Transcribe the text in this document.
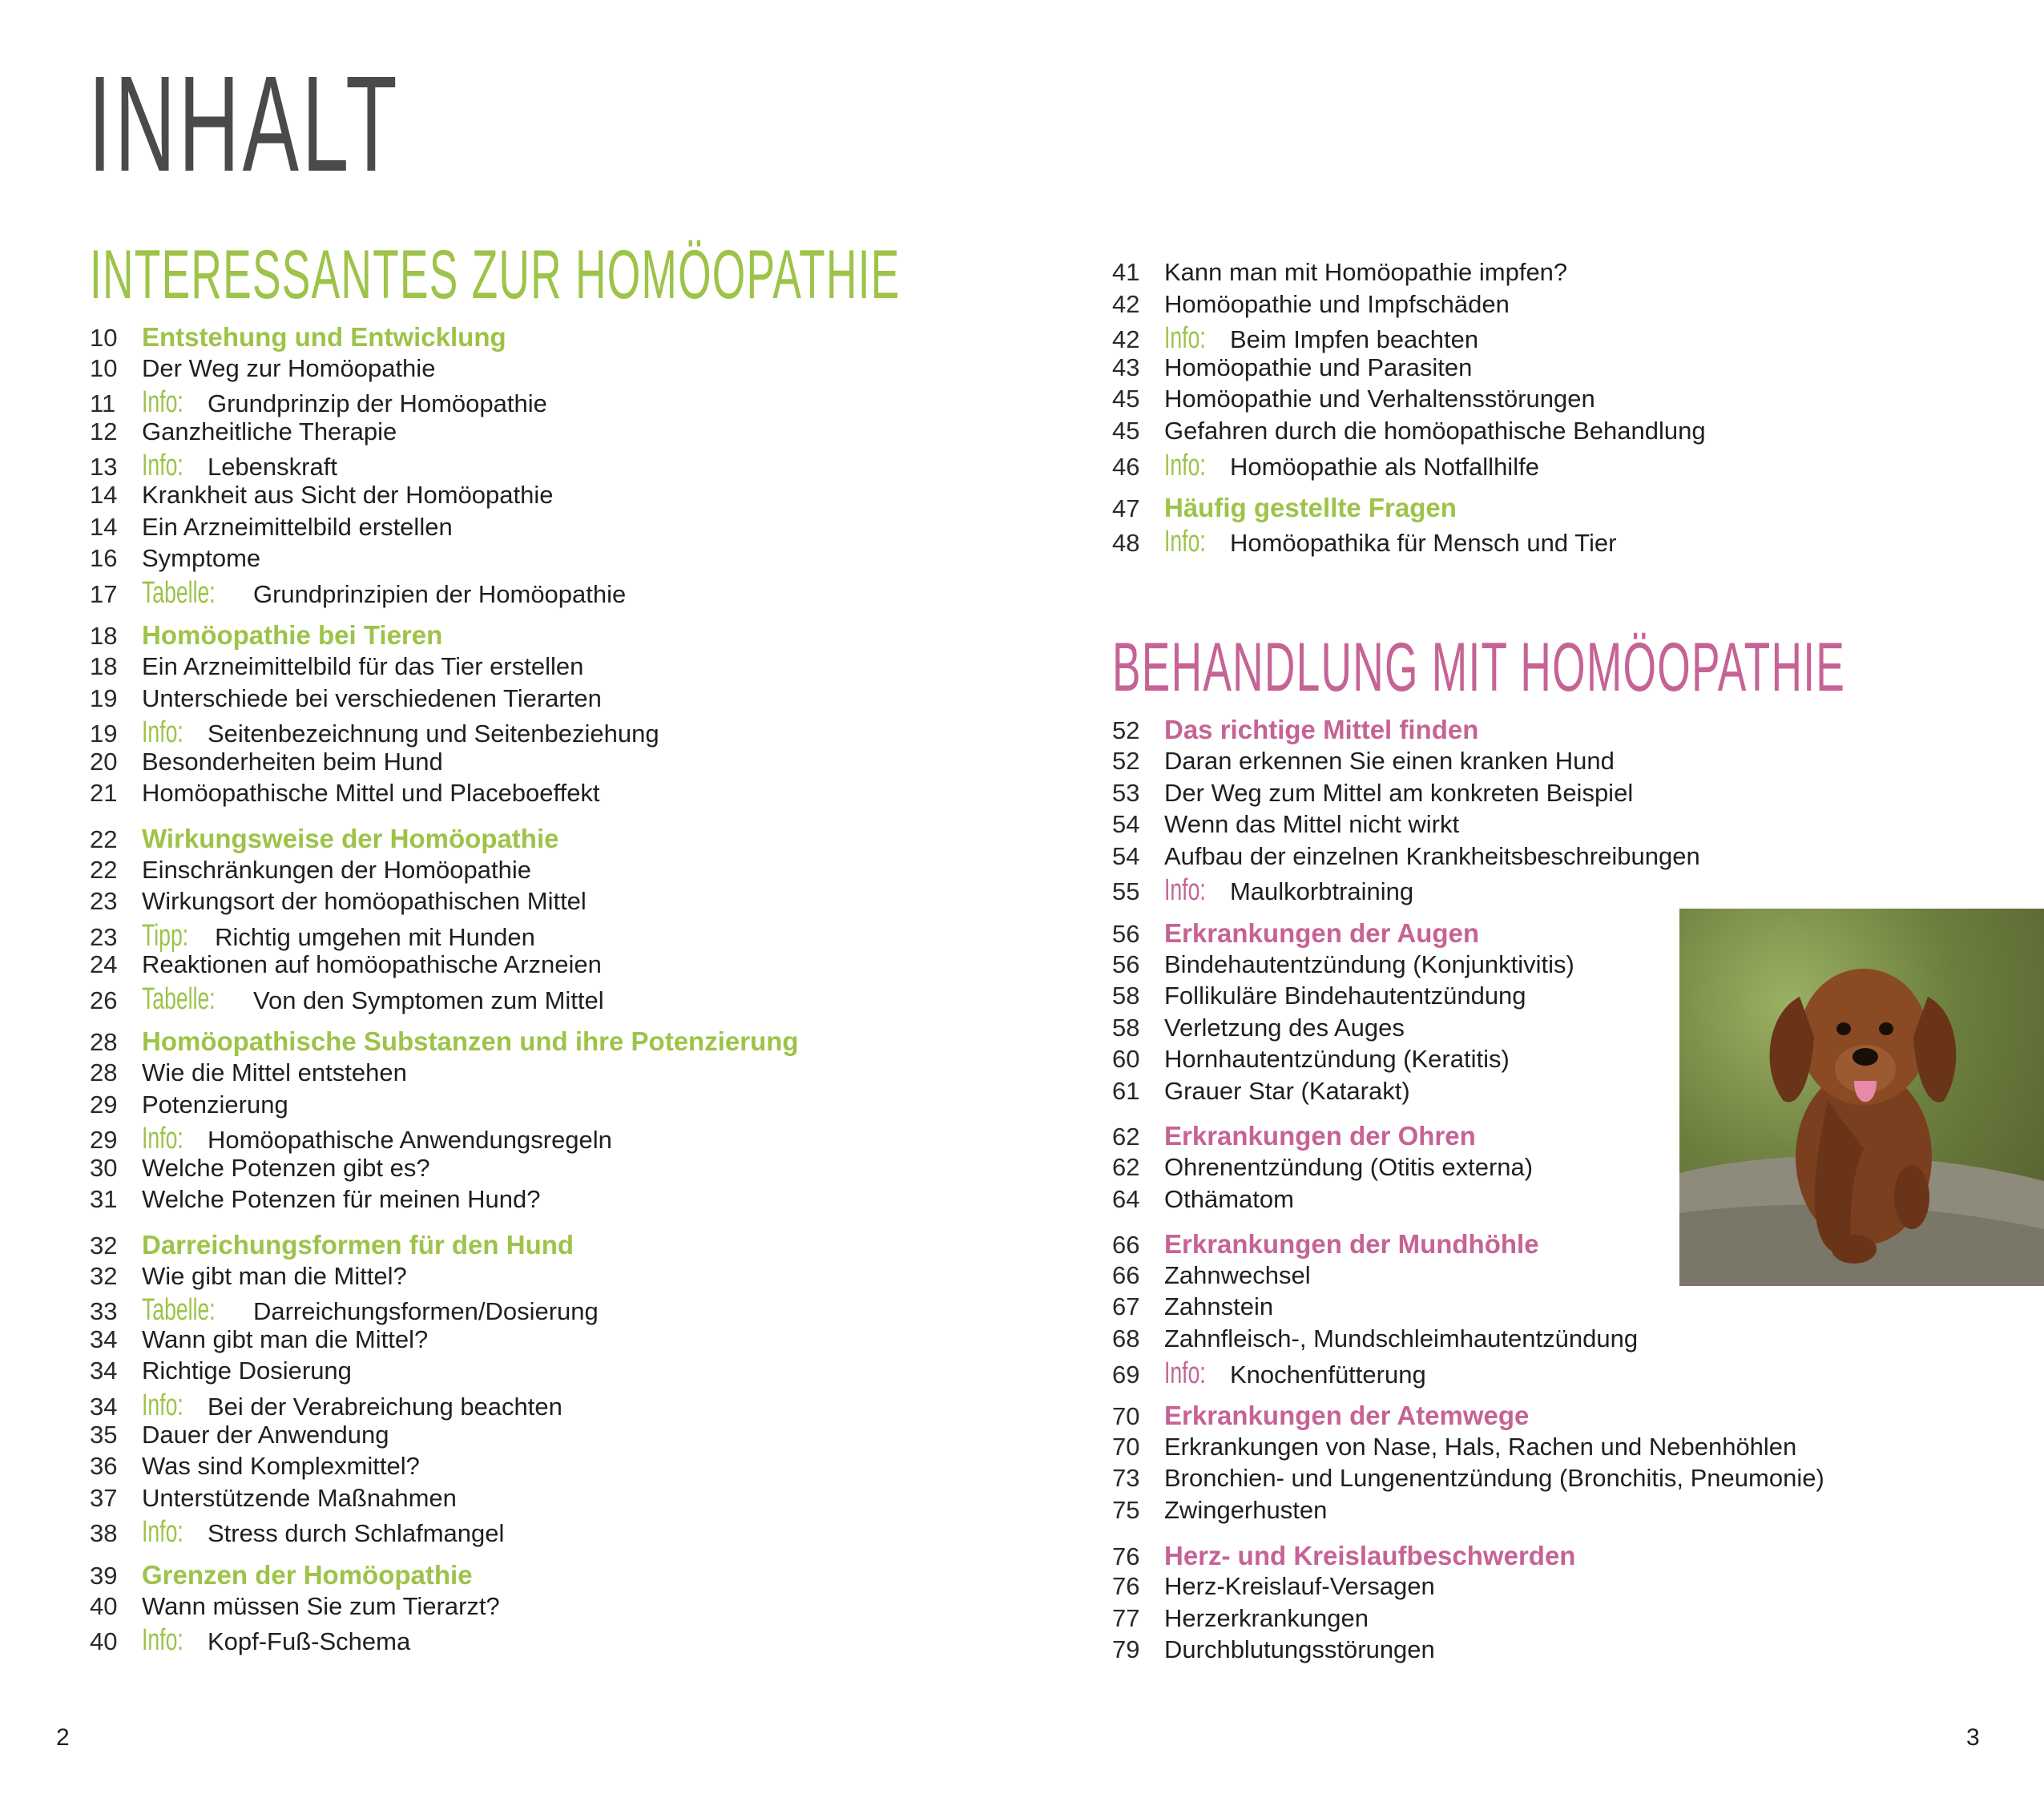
INHALT
INTERESSANTES ZUR HOMÖOPATHIE
10 Entstehung und Entwicklung
10 Der Weg zur Homöopathie
11 Info: Grundprinzip der Homöopathie
12 Ganzheitliche Therapie
13 Info: Lebenskraft
14 Krankheit aus Sicht der Homöopathie
14 Ein Arzneimittelbild erstellen
16 Symptome
17 Tabelle: Grundprinzipien der Homöopathie
18 Homöopathie bei Tieren
18 Ein Arzneimittelbild für das Tier erstellen
19 Unterschiede bei verschiedenen Tierarten
19 Info: Seitenbezeichnung und Seitenbeziehung
20 Besonderheiten beim Hund
21 Homöopathische Mittel und Placeboeffekt
22 Wirkungsweise der Homöopathie
22 Einschränkungen der Homöopathie
23 Wirkungsort der homöopathischen Mittel
23 Tipp: Richtig umgehen mit Hunden
24 Reaktionen auf homöopathische Arzneien
26 Tabelle: Von den Symptomen zum Mittel
28 Homöopathische Substanzen und ihre Potenzierung
28 Wie die Mittel entstehen
29 Potenzierung
29 Info: Homöopathische Anwendungsregeln
30 Welche Potenzen gibt es?
31 Welche Potenzen für meinen Hund?
32 Darreichungsformen für den Hund
32 Wie gibt man die Mittel?
33 Tabelle: Darreichungsformen/Dosierung
34 Wann gibt man die Mittel?
34 Richtige Dosierung
34 Info: Bei der Verabreichung beachten
35 Dauer der Anwendung
36 Was sind Komplexmittel?
37 Unterstützende Maßnahmen
38 Info: Stress durch Schlafmangel
39 Grenzen der Homöopathie
40 Wann müssen Sie zum Tierarzt?
40 Info: Kopf-Fuß-Schema
41 Kann man mit Homöopathie impfen?
42 Homöopathie und Impfschäden
42 Info: Beim Impfen beachten
43 Homöopathie und Parasiten
45 Homöopathie und Verhaltensstörungen
45 Gefahren durch die homöopathische Behandlung
46 Info: Homöopathie als Notfallhilfe
47 Häufig gestellte Fragen
48 Info: Homöopathika für Mensch und Tier
BEHANDLUNG MIT HOMÖOPATHIE
52 Das richtige Mittel finden
52 Daran erkennen Sie einen kranken Hund
53 Der Weg zum Mittel am konkreten Beispiel
54 Wenn das Mittel nicht wirkt
54 Aufbau der einzelnen Krankheitsbeschreibungen
55 Info: Maulkorbtraining
56 Erkrankungen der Augen
56 Bindehautentzündung (Konjunktivitis)
58 Follikuläre Bindehautentzündung
58 Verletzung des Auges
60 Hornhautentzündung (Keratitis)
61 Grauer Star (Katarakt)
62 Erkrankungen der Ohren
62 Ohrenentzündung (Otitis externa)
64 Othämatom
66 Erkrankungen der Mundhöhle
66 Zahnwechsel
67 Zahnstein
68 Zahnfleisch-, Mundschleimhautentzündung
69 Info: Knochenfütterung
70 Erkrankungen der Atemwege
70 Erkrankungen von Nase, Hals, Rachen und Nebenhöhlen
73 Bronchien- und Lungenentzündung (Bronchitis, Pneumonie)
75 Zwingerhusten
76 Herz- und Kreislaufbeschwerden
76 Herz-Kreislauf-Versagen
77 Herzerkrankungen
79 Durchblutungsstörungen
2	3
